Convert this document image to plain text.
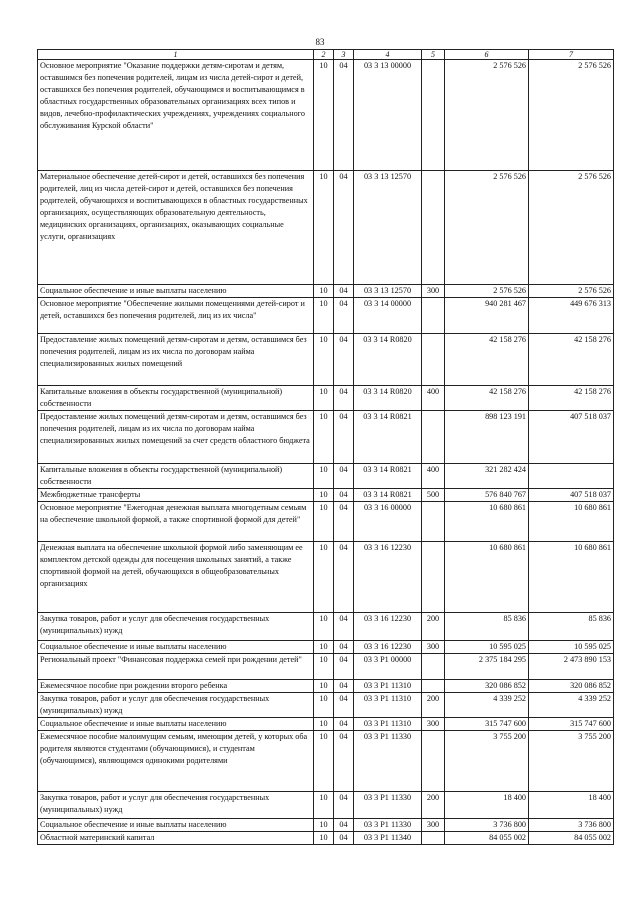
83
1	2	3	4	5	6	7
Основное мероприятие "Оказание поддержки детям-сиротам и детям, оставшимся без попечения родителей, лицам из числа детей-сирот и детей, оставшихся без попечения родителей, обучающимся и воспитывающимся в областных государственных образовательных организациях всех типов и видов, лечебно-профилактических учреждениях, учреждениях социального обслуживания Курской области"	10	04	03 3 13 00000		2 576 526	2 576 526
Материальное обеспечение детей-сирот и детей, оставшихся без попечения родителей, лиц из числа детей-сирот и детей, оставшихся без попечения родителей, обучающихся и воспитывающихся в областных государственных организациях, осуществляющих образовательную деятельность, медицинских организациях, организациях, оказывающих социальные услуги, организациях	10	04	03 3 13 12570		2 576 526	2 576 526
Социальное обеспечение и иные выплаты населению	10	04	03 3 13 12570	300	2 576 526	2 576 526
Основное мероприятие "Обеспечение жилыми помещениями детей-сирот и детей, оставшихся без попечения родителей, лиц из их числа"	10	04	03 3 14 00000		940 281 467	449 676 313
Предоставление жилых помещений детям-сиротам и детям, оставшимся без попечения родителей, лицам из их числа по договорам найма специализированных жилых помещений	10	04	03 3 14 R0820		42 158 276	42 158 276
Капитальные вложения в объекты государственной (муниципальной) собственности	10	04	03 3 14 R0820	400	42 158 276	42 158 276
Предоставление жилых помещений детям-сиротам и детям, оставшимся без попечения родителей, лицам из их числа по договорам найма специализированных жилых помещений за счет средств областного бюджета	10	04	03 3 14 R0821		898 123 191	407 518 037
Капитальные вложения в объекты государственной (муниципальной) собственности	10	04	03 3 14 R0821	400	321 282 424	
Межбюджетные трансферты	10	04	03 3 14 R0821	500	576 840 767	407 518 037
Основное мероприятие "Ежегодная денежная выплата многодетным семьям на обеспечение школьной формой, а также спортивной формой для детей"	10	04	03 3 16 00000		10 680 861	10 680 861
Денежная выплата на обеспечение школьной формой либо заменяющим ее комплектом детской одежды для посещения школьных занятий, а также спортивной формой на детей, обучающихся в общеобразовательных организациях	10	04	03 3 16 12230		10 680 861	10 680 861
Закупка товаров, работ и услуг для обеспечения государственных (муниципальных) нужд	10	04	03 3 16 12230	200	85 836	85 836
Социальное обеспечение и иные выплаты населению	10	04	03 3 16 12230	300	10 595 025	10 595 025
Региональный проект "Финансовая поддержка семей при рождении детей"	10	04	03 3 P1 00000		2 375 184 295	2 473 890 153
Ежемесячное пособие при рождении второго ребенка	10	04	03 3 P1 11310		320 086 852	320 086 852
Закупка товаров, работ и услуг для обеспечения государственных (муниципальных) нужд	10	04	03 3 P1 11310	200	4 339 252	4 339 252
Социальное обеспечение и иные выплаты населению	10	04	03 3 P1 11310	300	315 747 600	315 747 600
Ежемесячное пособие малоимущим семьям, имеющим детей, у которых оба родителя являются студентами (обучающимися), и студентам (обучающимся), являющимся одинокими родителями	10	04	03 3 P1 11330		3 755 200	3 755 200
Закупка товаров, работ и услуг для обеспечения государственных (муниципальных) нужд	10	04	03 3 P1 11330	200	18 400	18 400
Социальное обеспечение и иные выплаты населению	10	04	03 3 P1 11330	300	3 736 800	3 736 800
Областной материнский капитал	10	04	03 3 P1 11340		84 055 002	84 055 002
